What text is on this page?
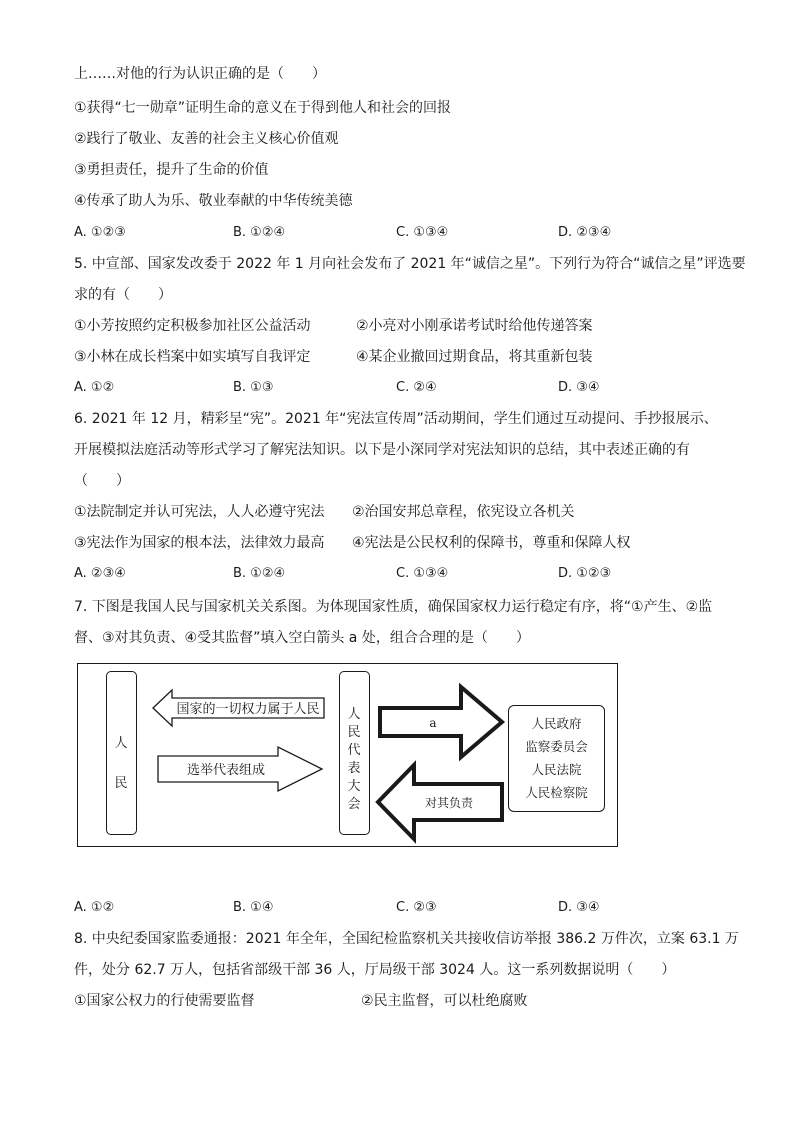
上……对他的行为认识正确的是（　　）
①获得“七一勋章”证明生命的意义在于得到他人和社会的回报
②践行了敬业、友善的社会主义核心价值观
③勇担责任，提升了生命的价值
④传承了助人为乐、敬业奉献的中华传统美德
A. ①②③	B. ①②④	C. ①③④	D. ②③④
5. 中宣部、国家发改委于 2022 年 1 月向社会发布了 2021 年“诚信之星”。下列行为符合“诚信之星”评选要
求的有（　　）
①小芳按照约定积极参加社区公益活动	②小亮对小刚承诺考试时给他传递答案
③小林在成长档案中如实填写自我评定	④某企业撤回过期食品，将其重新包装
A. ①②	B. ①③	C. ②④	D. ③④
6. 2021 年 12 月，精彩呈“宪”。2021 年“宪法宣传周”活动期间，学生们通过互动提问、手抄报展示、
开展模拟法庭活动等形式学习了解宪法知识。以下是小深同学对宪法知识的总结，其中表述正确的有
（　　）
①法院制定并认可宪法，人人必遵守宪法 ②治国安邦总章程，依宪设立各机关
③宪法作为国家的根本法，法律效力最高 ④宪法是公民权利的保障书，尊重和保障人权
A. ②③④	B. ①②④	C. ①③④	D. ①②③
7. 下图是我国人民与国家机关关系图。为体现国家性质，确保国家权力运行稳定有序，将“①产生、②监
督、③对其负责、④受其监督”填入空白箭头 a 处，组合合理的是（　　）
人民
人民代表大会
国家的一切权力属于人民
选举代表组成
a
对其负责
人民政府
监察委员会
人民法院
人民检察院
A. ①②	B. ①④	C. ②③	D. ③④
8. 中央纪委国家监委通报：2021 年全年，全国纪检监察机关共接收信访举报 386.2 万件次，立案 63.1 万
件，处分 62.7 万人，包括省部级干部 36 人，厅局级干部 3024 人。这一系列数据说明（　　）
①国家公权力的行使需要监督	②民主监督，可以杜绝腐败
